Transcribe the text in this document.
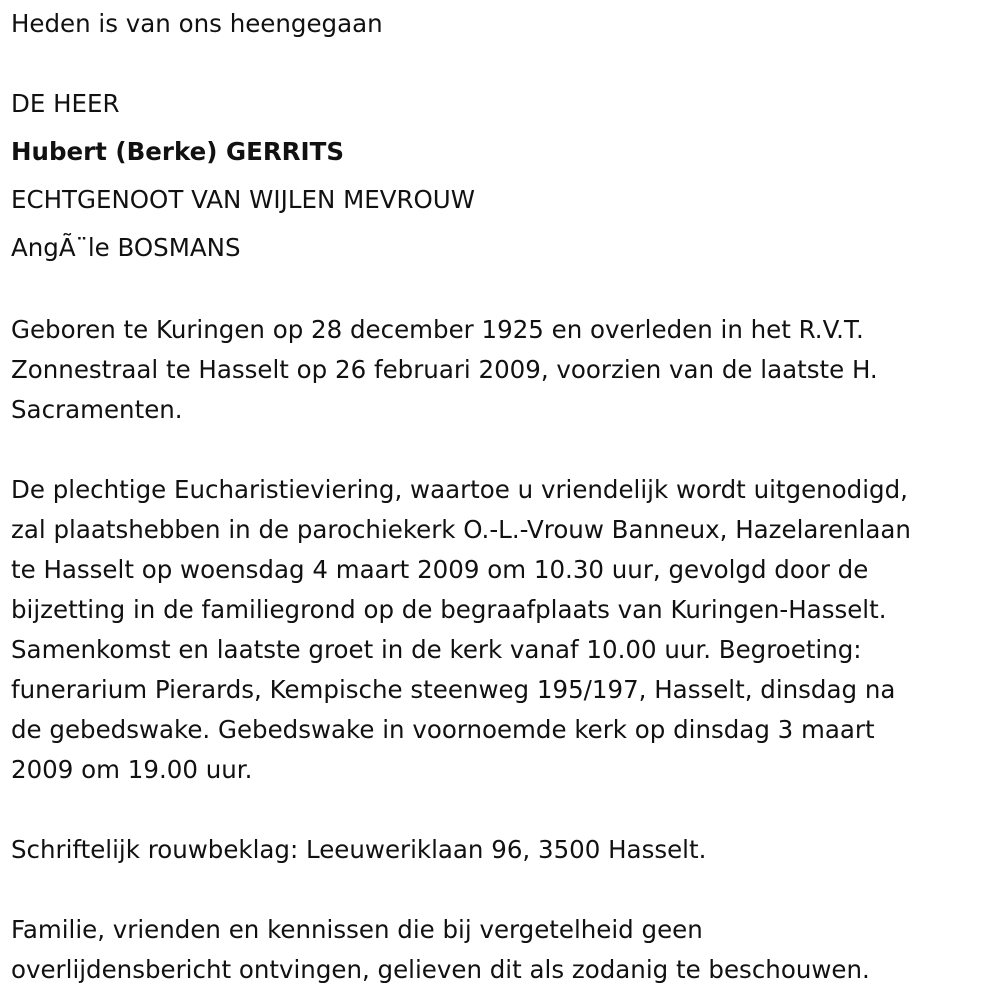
Heden is van ons heengegaan

DE HEER

Hubert (Berke) GERRITS

ECHTGENOOT VAN WIJLEN MEVROUW

AngÃ¨le BOSMANS

Geboren te Kuringen op 28 december 1925 en overleden in het R.V.T.
Zonnestraal te Hasselt op 26 februari 2009, voorzien van de laatste H.
Sacramenten.

De plechtige Eucharistieviering, waartoe u vriendelijk wordt uitgenodigd,
zal plaatshebben in de parochiekerk O.-L.-Vrouw Banneux, Hazelarenlaan
te Hasselt op woensdag 4 maart 2009 om 10.30 uur, gevolgd door de
bijzetting in de familiegrond op de begraafplaats van Kuringen-Hasselt.
Samenkomst en laatste groet in de kerk vanaf 10.00 uur. Begroeting:
funerarium Pierards, Kempische steenweg 195/197, Hasselt, dinsdag na
de gebedswake. Gebedswake in voornoemde kerk op dinsdag 3 maart
2009 om 19.00 uur.

Schriftelijk rouwbeklag: Leeuweriklaan 96, 3500 Hasselt.

Familie, vrienden en kennissen die bij vergetelheid geen
overlijdensbericht ontvingen, gelieven dit als zodanig te beschouwen.
